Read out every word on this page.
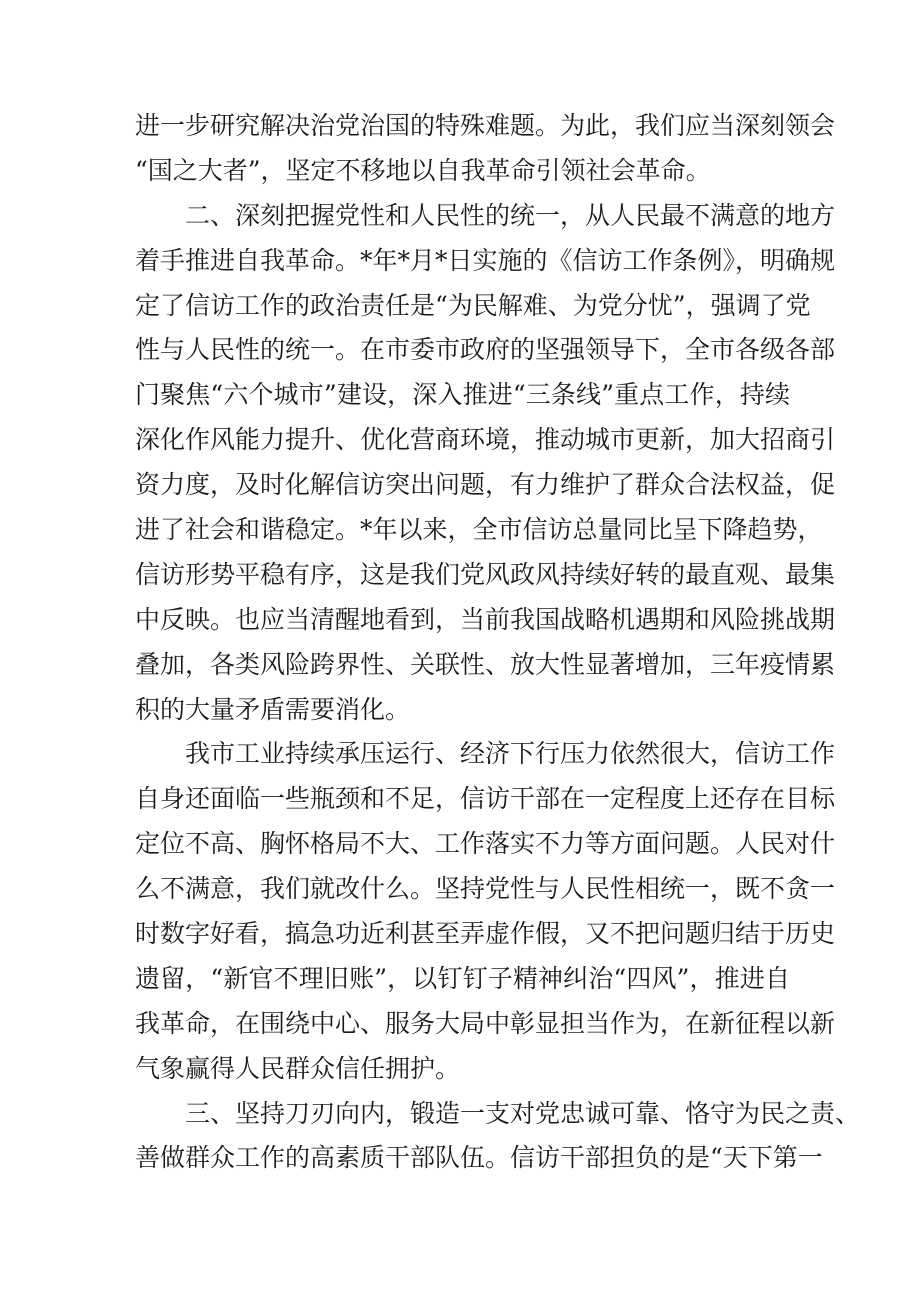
进一步研究解决治党治国的特殊难题。为此，我们应当深刻领会
“国之大者”，坚定不移地以自我革命引领社会革命。
二、深刻把握党性和人民性的统一，从人民最不满意的地方
着手推进自我革命。*年*月*日实施的《信访工作条例》，明确规
定了信访工作的政治责任是“为民解难、为党分忧”，强调了党
性与人民性的统一。在市委市政府的坚强领导下，全市各级各部
门聚焦“六个城市”建设，深入推进“三条线”重点工作，持续
深化作风能力提升、优化营商环境，推动城市更新，加大招商引
资力度，及时化解信访突出问题，有力维护了群众合法权益，促
进了社会和谐稳定。*年以来，全市信访总量同比呈下降趋势，
信访形势平稳有序，这是我们党风政风持续好转的最直观、最集
中反映。也应当清醒地看到，当前我国战略机遇期和风险挑战期
叠加，各类风险跨界性、关联性、放大性显著增加，三年疫情累
积的大量矛盾需要消化。
我市工业持续承压运行、经济下行压力依然很大，信访工作
自身还面临一些瓶颈和不足，信访干部在一定程度上还存在目标
定位不高、胸怀格局不大、工作落实不力等方面问题。人民对什
么不满意，我们就改什么。坚持党性与人民性相统一，既不贪一
时数字好看，搞急功近利甚至弄虚作假，又不把问题归结于历史
遗留，“新官不理旧账”，以钉钉子精神纠治“四风”，推进自
我革命，在围绕中心、服务大局中彰显担当作为，在新征程以新
气象赢得人民群众信任拥护。
三、坚持刀刃向内，锻造一支对党忠诚可靠、恪守为民之责、
善做群众工作的高素质干部队伍。信访干部担负的是“天下第一
